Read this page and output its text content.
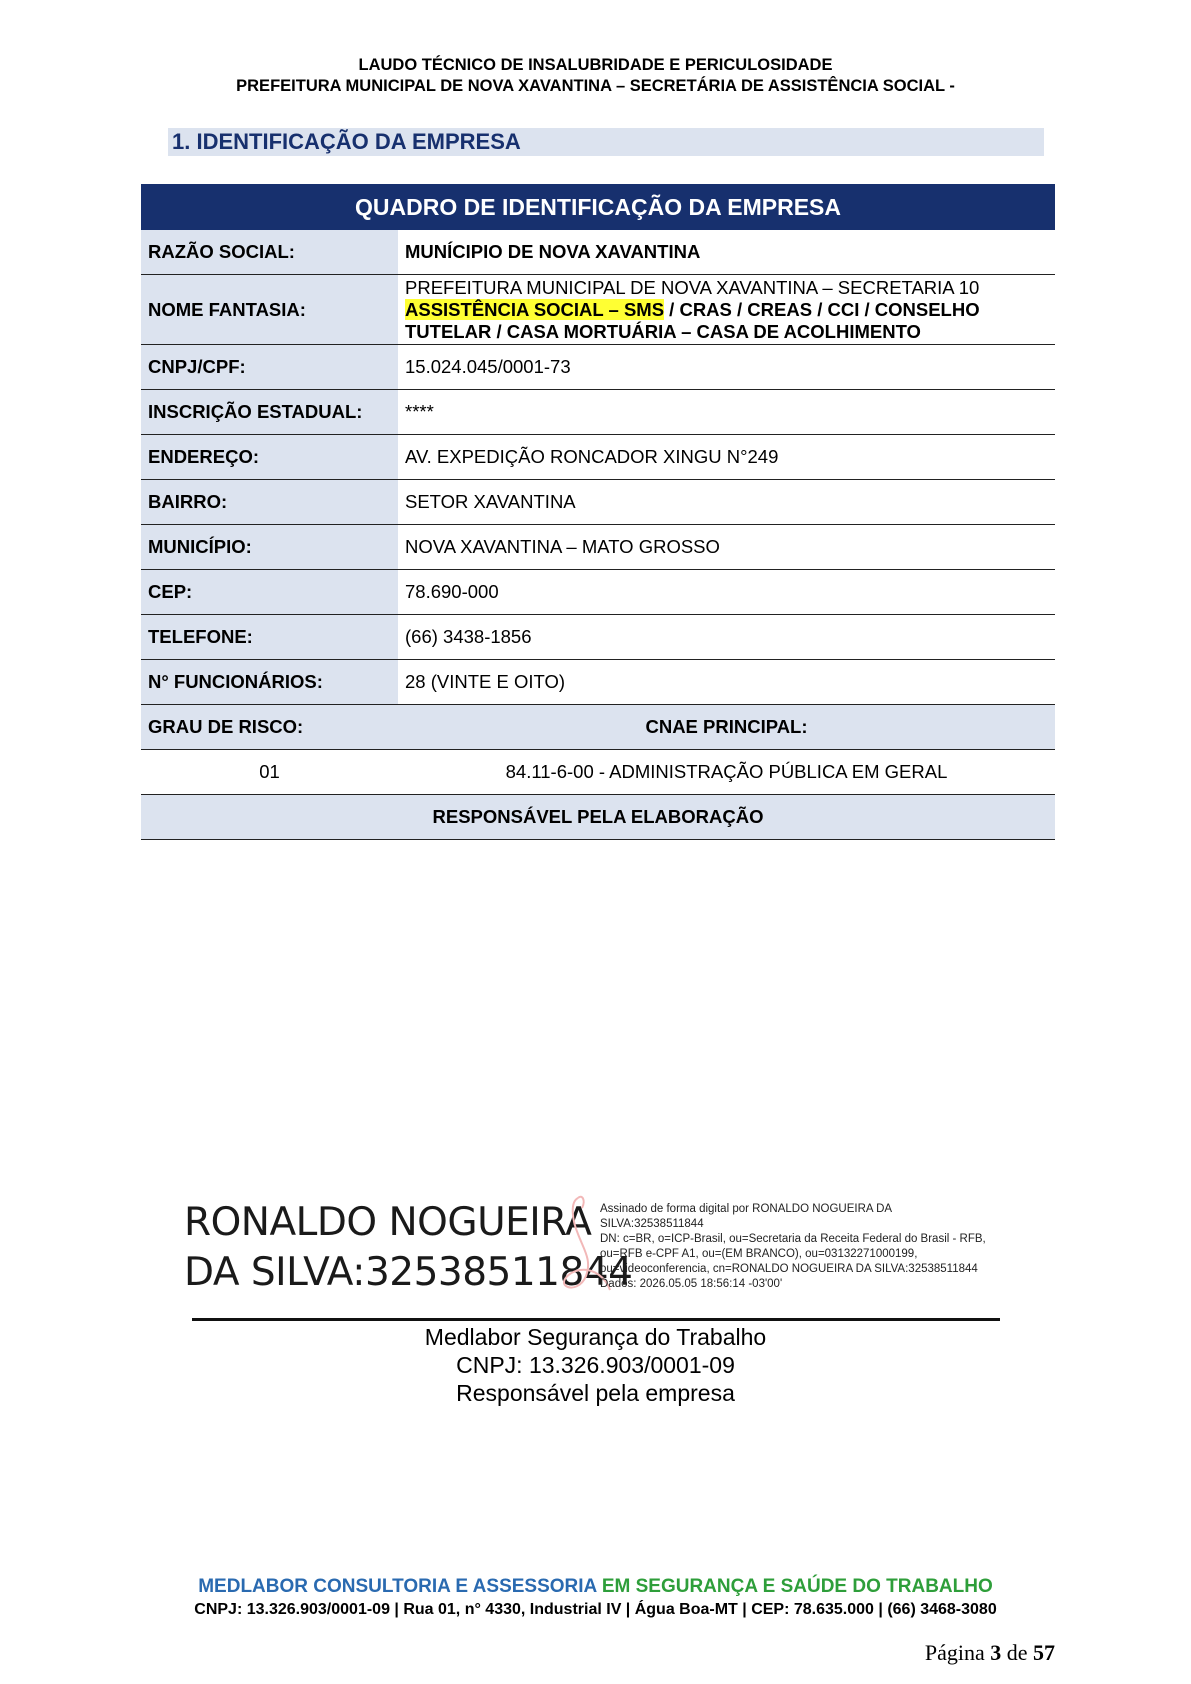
LAUDO TÉCNICO DE INSALUBRIDADE E PERICULOSIDADE
PREFEITURA MUNICIPAL DE NOVA XAVANTINA – SECRETÁRIA DE ASSISTÊNCIA SOCIAL -
1. IDENTIFICAÇÃO DA EMPRESA
QUADRO DE IDENTIFICAÇÃO DA EMPRESA	
RAZÃO SOCIAL:	MUNÍCIPIO DE NOVA XAVANTINA
NOME FANTASIA:	PREFEITURA MUNICIPAL DE NOVA XAVANTINA – SECRETARIA 10
ASSISTÊNCIA SOCIAL – SMS / CRAS / CREAS / CCI / CONSELHO
TUTELAR / CASA MORTUÁRIA – CASA DE ACOLHIMENTO

CNPJ/CPF:	15.024.045/0001-73
INSCRIÇÃO ESTADUAL:	****
ENDEREÇO:	AV. EXPEDIÇÃO RONCADOR XINGU N°249
BAIRRO:	SETOR XAVANTINA
MUNICÍPIO:	NOVA XAVANTINA – MATO GROSSO
CEP:	78.690-000
TELEFONE:	(66) 3438-1856
N° FUNCIONÁRIOS:	28 (VINTE E OITO)
GRAU DE RISCO:	CNAE PRINCIPAL:
01	84.11-6-00 - ADMINISTRAÇÃO PÚBLICA EM GERAL
RESPONSÁVEL PELA ELABORAÇÃO	
RONALDO NOGUEIRA
DA SILVA:32538511844
Assinado de forma digital por RONALDO NOGUEIRA DA
SILVA:32538511844
DN: c=BR, o=ICP-Brasil, ou=Secretaria da Receita Federal do Brasil - RFB,
ou=RFB e-CPF A1, ou=(EM BRANCO), ou=03132271000199,
ou=videoconferencia, cn=RONALDO NOGUEIRA DA SILVA:32538511844
Dados: 2026.05.05 18:56:14 -03'00'
Medlabor Segurança do Trabalho
CNPJ: 13.326.903/0001-09
Responsável pela empresa
MEDLABOR CONSULTORIA E ASSESSORIA EM SEGURANÇA E SAÚDE DO TRABALHO
CNPJ: 13.326.903/0001-09 | Rua 01, n° 4330, Industrial IV | Água Boa-MT | CEP: 78.635.000 | (66) 3468-3080
Página 3 de 57
